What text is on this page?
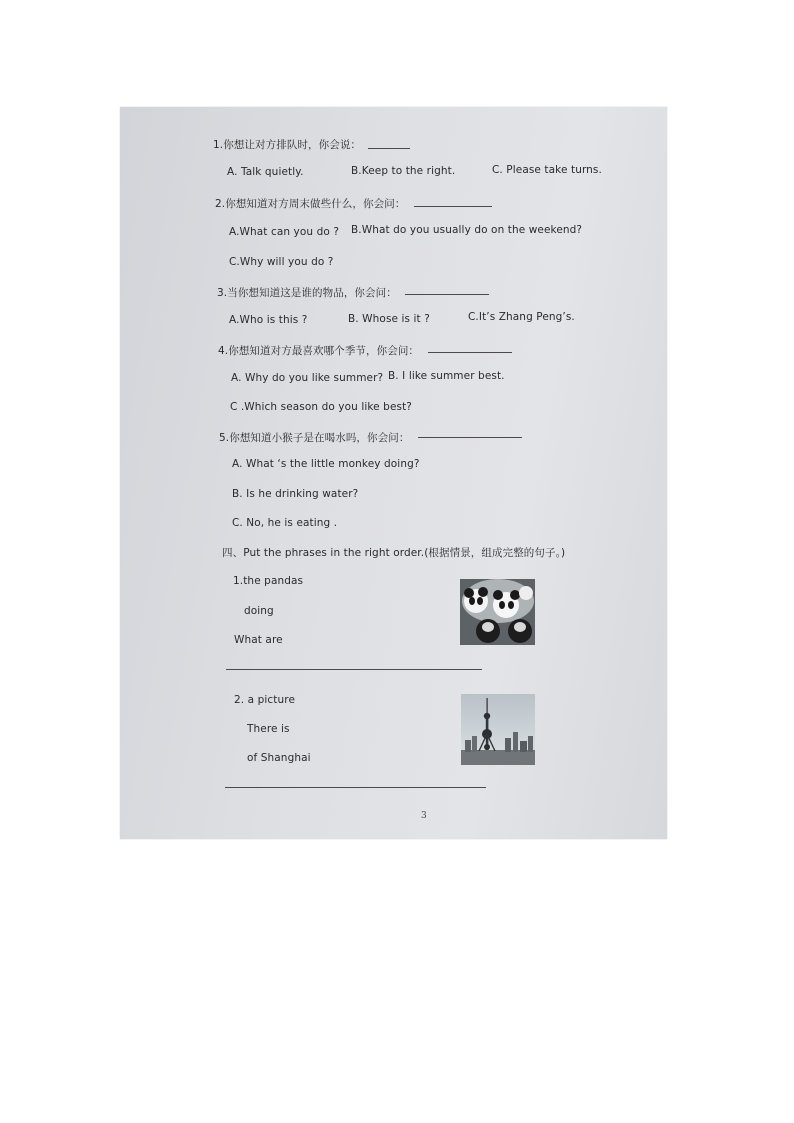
1.你想让对方排队时，你会说：
A. Talk quietly.	B.Keep to the right.	C. Please take turns.
2.你想知道对方周末做些什么，你会问：
A.What can you do ? B.What do you usually do on the weekend?
C.Why will you do ?
3.当你想知道这是谁的物品，你会问：
A.Who is this ?	B. Whose is it ?	C.It’s Zhang Peng’s.
4.你想知道对方最喜欢哪个季节，你会问：
A. Why do you like summer? B. I like summer best.
C .Which season do you like best?
5.你想知道小猴子是在喝水吗，你会问：
A. What ‘s the little monkey doing?
B. Is he drinking water?
C. No, he is eating .
四、Put the phrases in the right order.(根据情景，组成完整的句子。)
1.the pandas
doing
What are
2. a picture
There is
of Shanghai
3
